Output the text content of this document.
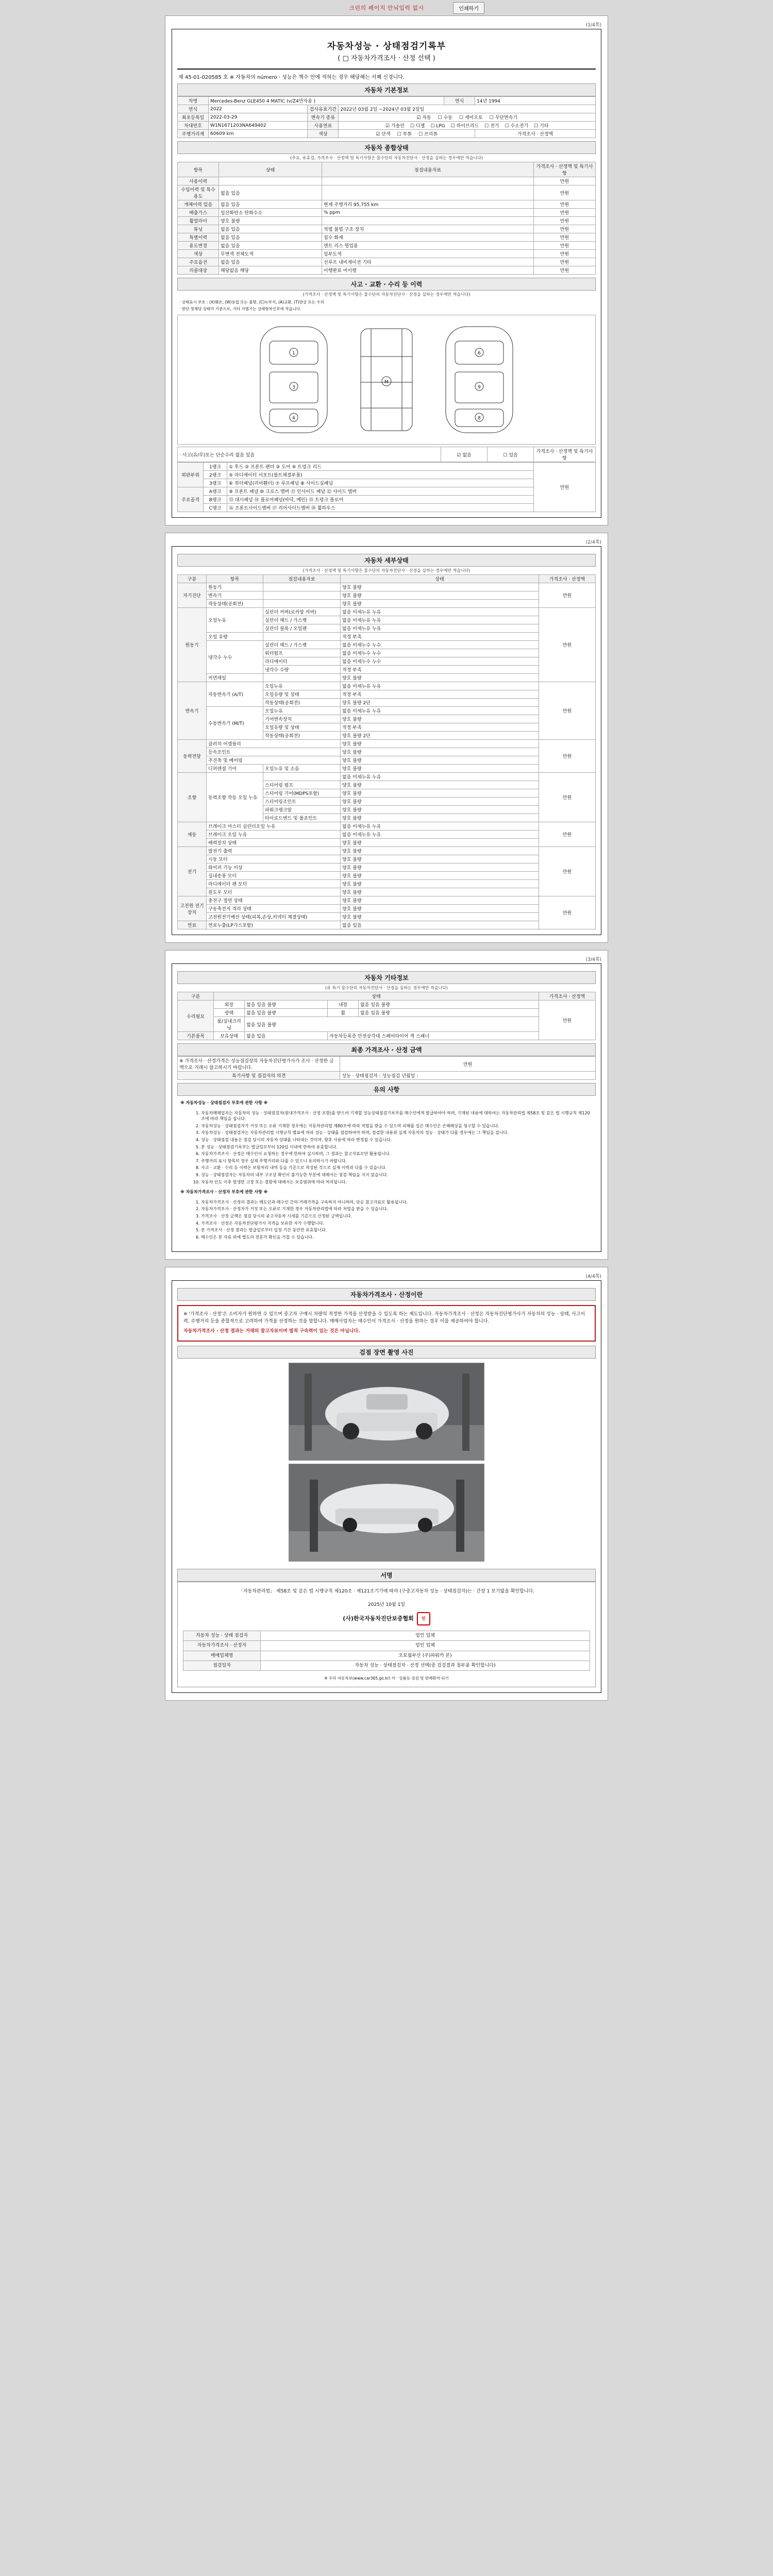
크린의 페이지 안뇌입력 없시	인쇄하기
(1/4쪽)
자동차성능 · 상태점검기록부
( □ 자동차가격조사 · 산정 선택 )
제 45-01-020585 호 ※ 자동차의 número · 성능은 책수 안에 적혀는 경우 해당해는 서째 신경니다.
자동차 기본정보
차명	Mercedes-Benz GLE450 4 MATIC (v/Z4만자용 )			연식	14년 1994
연식	2022	검사유효기간	2022년 03월 2일 ~2024년 03월 2일일		
최초등록일	2022-03-29	변속기 종류	☑자동 ☐ 수동 ☐ 세미오토 ☐ 무단변속기
차대번호	W1N1671203NA649402	사용연료	☑가솔린 ☐ 디젤 ☐ LPG ☐ 하이브리드 ☐ 전기 ☐ 수소전기 ☐ 기타
주행거리계	60609 km	색상	☑단색 ☐ 투톤 ☐ 쓰리톤		가격조사 · 산정액
자동차 종합상태
(주요, 유효검, 가격조사 · 산정액 및 특기사항은 물수단의 자동차진단사 · 산정을 실하는 경우에만 적습니다)
항목	상태	점검내용자료	가격조사 · 산정액 및 특기사항
사용이력			만원
수입이력 및 특수용도	없음 있음		만원
개체이력 있음	없음 있음	현재 주행거리 95,755 km	만원
배출가스	일산화탄소 탄화수소	% ppm	만원
휠얼라이	양호 불량		만원
튜닝	없음 있음	적법 불법 구조 장치	만원
특별이력	없음 있음	침수 화재	만원
용도변경	없음 있음	렌트 리스 영업용	만원
색상	무변색 전체도색	일부도색	만원
주요옵션	없음 있음	선루프 내비게이션 기타	만원
리콜대상	해당없음 해당	이행완료 미이행	만원
사고 · 교환 · 수리 등 이력
(가격조사 · 산정액 및 특기사항은 물수단의 자동차진단사 · 산정을 실하는 경우에만 적습니다)
· 상태표시 부호 : (X)훼손, (W)용접 또는 불량, (C)녹부식, (A)교환, (T)판금 또는 수리
· 판단 및해당 상태가 기준으로, 기타 가볍기는 상태항목인부에 적습니다.
1
3
4
M
6
9
8
· 사고(유/무)또는 단순수리 없음 있음	☑없음	☐있음	가격조사 · 산정액 및 특기사항
외판부위	1랭크	① 후드 ② 프론트 펜더 ③ 도어 ④ 트렁크 리드	만원
	2랭크	⑤ 라디에이터 서포트(볼트체결부품)	
	3랭크	⑥ 쿼터패널(리어휀더) ⑦ 루프패널 ⑧ 사이드실패널	
주요골격	A랭크	⑨ 프론트 패널 ⑩ 크로스 멤버 ⑪ 인사이드 패널 ⑫ 사이드 멤버	
	B랭크	⑬ 대시패널 ⑭ 플로어패널(바닥, 메인) ⑮ 트렁크 플로어	
	C랭크	⑯ 프론트사이드멤버 ⑰ 리어사이드멤버 ⑱ 휠하우스	
(2/4쪽)
자동차 세부상태
(가격조사 · 산정액 및 특기사항은 물수단의 자동차진단사 · 산정을 실하는 경우에만 적습니다)
구분	항목	점검내용자료	상태	가격조사 · 산정액
자기진단	원동기		양호 불량	만원
	변속기		양호 불량	
	작동상태(공회전)		양호 불량	
원동기	오일누유	실린더 커버(로커암 커버)	없음 미세누유 누유	만원
		실린더 헤드 / 가스켓	없음 미세누유 누유	
		실린더 블록 / 오일팬	없음 미세누유 누유	
	오일 유량		적정 부족	
	냉각수 누수	실린더 헤드 / 가스켓	없음 미세누수 누수	
		워터펌프	없음 미세누수 누수	
		라디에이터	없음 미세누수 누수	
		냉각수 수량	적정 부족	
	커먼레일		양호 불량	
변속기	자동변속기 (A/T)	오일누유	없음 미세누유 누유	만원
		오일유량 및 상태	적정 부족	
		작동상태(공회전)	양호 불량 2단	
	수동변속기 (M/T)	오일누유	없음 미세누유 누유	
		기어변속장치	양호 불량	
		오일유량 및 상태	적정 부족	
		작동상태(공회전)	양호 불량 2단	
동력전달	클러치 어셈블리		양호 불량	만원
	등속조인트		양호 불량	
	추진축 및 베어링		양호 불량	
	디퍼렌셜 기어	오일누유 및 소음	양호 불량	
조향	동력조향 작동 오일 누유		없음 미세누유 누유	만원
		스티어링 펌프	양호 불량	
		스티어링 기어(MDPS포함)	양호 불량	
		스티어링조인트	양호 불량	
		파워크랭크암	양호 불량	
		타이로드엔드 및 볼죠인트	양호 불량	
제동	브레이크 마스터 실린더오일 누유		없음 미세누유 누유	만원
	브레이크 오일 누유		없음 미세누유 누유	
	배력장치 상태		양호 불량	
전기	발전기 출력		양호 불량	만원
	시동 모터		양호 불량	
	와이퍼 기능 이상		양호 불량	
	실내송풍 모터		양호 불량	
	라디에이터 팬 모터		양호 불량	
	윈도우 모터		양호 불량	
고전원 전기장치	충전구 절연 상태		양호 불량	만원
	구동축전지 격리 상태		양호 불량	
	고전원전기배선 상태(피복,손상,커넥터 체결상태)		양호 불량	
연료	연료누출(LP가스포함)		없음 있음	
(3/4쪽)
자동차 기타정보
(유 특기 물수단의 자동차진단사 · 산정을 실하는 경우에만 적습니다)
구분	상태				가격조사 · 산정액
수리필요	외장	없음 있음 불량	내장	없음 있음 불량	만원
	광택	없음 있음 불량	휠	없음 있음 불량	
	룸/실내크리닝	없음 있음 불량			
기본품목	보유상태	없음 있음	자동차등록증 안전삼각대 스페어타이어 잭 스패너		
최종 가격조사 · 산정 금액
※ 가격조사 · 산정가격은 성능점검장의 자동차진단평가사가 조사 · 산정한 금액으로 거래시 참고하시기 바랍니다.	만원
특기사항 및 점검자의 의견	성능 · 상태점검자 : 성능점검 년월일 :
유의 사항
※ 자동차성능 · 상태점검자 부호에 관한 사항 ※
1. 자동차매매업자는 자동차의 성능 · 상태점검자(원내가격조사 · 산정 포함)를 받으여 기재할 성능상태점검기록부를 매수인에게 발급하여야 하며, 기재된 내용에 대하여는 자동차관리법 제58조 및 같은 법 시행규칙 제120조에 따라 책임을 집니다.
2. 자동차성능 · 상태점검자가 거짓 또는 오류 기재한 경우에는 자동차관리법 제80조에 따라 처벌을 받을 수 있으며 피해를 입은 매수인은 손해배상을 청구할 수 있습니다.
3. 자동차성능 · 상태점검자는 자동차관리법 시행규칙 별표에 따라 성능 · 상태를 점검하여야 하며, 점검한 내용과 실제 자동차의 성능 · 상태가 다를 경우에는 그 책임을 집니다.
4. 성능 · 상태점검 내용은 점검 당시의 자동차 상태를 나타내는 것이며, 향후 사용에 따라 변경될 수 있습니다.
5. 본 성능 · 상태점검기록부는 발급일로부터 120일 이내에 한하여 유효합니다.
6. 자동차가격조사 · 산정은 매수인이 요청하는 경우에 한하여 실시하며, 그 결과는 참고자료로만 활용됩니다.
7. 주행거리 표시 항목의 경우 실제 주행거리와 다를 수 있으니 유의하시기 바랍니다.
8. 사고 · 교환 · 수리 등 이력은 보험처리 내역 등을 기준으로 작성된 것으로 실제 이력과 다를 수 있습니다.
9. 성능 · 상태점검자는 자동차의 내부 구조상 확인이 불가능한 부분에 대해서는 점검 책임을 지지 않습니다.
10. 자동차 인도 이후 발생한 고장 또는 결함에 대해서는 보증범위에 따라 처리됩니다.
※ 자동차가격조사 · 산정자 부호에 관한 사항 ※
1. 자동차가격조사 · 산정의 결과는 매도인과 매수인 간의 거래가격을 구속하지 아니하며, 단순 참고자료로 활용됩니다.
2. 자동차가격조사 · 산정자가 거짓 또는 오류로 기재한 경우 자동차관리법에 따라 처벌을 받을 수 있습니다.
3. 가격조사 · 산정 금액은 점검 당시의 중고자동차 시세를 기준으로 산정된 금액입니다.
4. 가격조사 · 산정은 자동차진단평가사 자격을 보유한 자가 수행합니다.
5. 본 가격조사 · 산정 결과는 발급일로부터 일정 기간 동안만 유효합니다.
6. 매수인은 본 자료 외에 별도의 전문가 확인을 거칠 수 있습니다.
(4/4쪽)
자동차가격조사 · 산정이란
※ '가격조사 · 산정'은 소비자가 원하면 수 있으며 중고차 구매시 차량의 적정한 가격을 산정받을 수 있도록 하는 제도입니다. 자동차가격조사 · 산정은 자동차진단평가사가 자동차의 성능 · 상태, 사고이력, 주행거리 등을 종합적으로 고려하여 가격을 산정하는 것을 말합니다. 매매사업자는 매수인이 가격조사 · 산정을 원하는 경우 이를 제공하여야 합니다.
자동차가격조사 · 산정 결과는 거래의 참고자료이며 법적 구속력이 있는 것은 아닙니다.
검점 장면 촬영 사진
서명
「자동차관리법」 제58조 및 같은 법 시행규칙 제120조 · 제121조기기에 따라 (구중고자동차 성능 · 상태점검자)는 · 간장 1 보기없을 확인합니다.
2025년 10월 1일
(사)한국자동차진단보증협회	인
자동차 성능 · 상태 점검자	엄인 업체
자동차가격조사 · 산정자	엄인 업체
매매업체명	오토월부산 (주)파워카 본)
점검일자	자동차 성능 · 상태점검자 · 산정 선택(중 검검결과 첨부용 확인합니다)
※ 우리 자동차보(www.car365.go.kr) 카 · 상품등 검검 및 판매확역 되기
